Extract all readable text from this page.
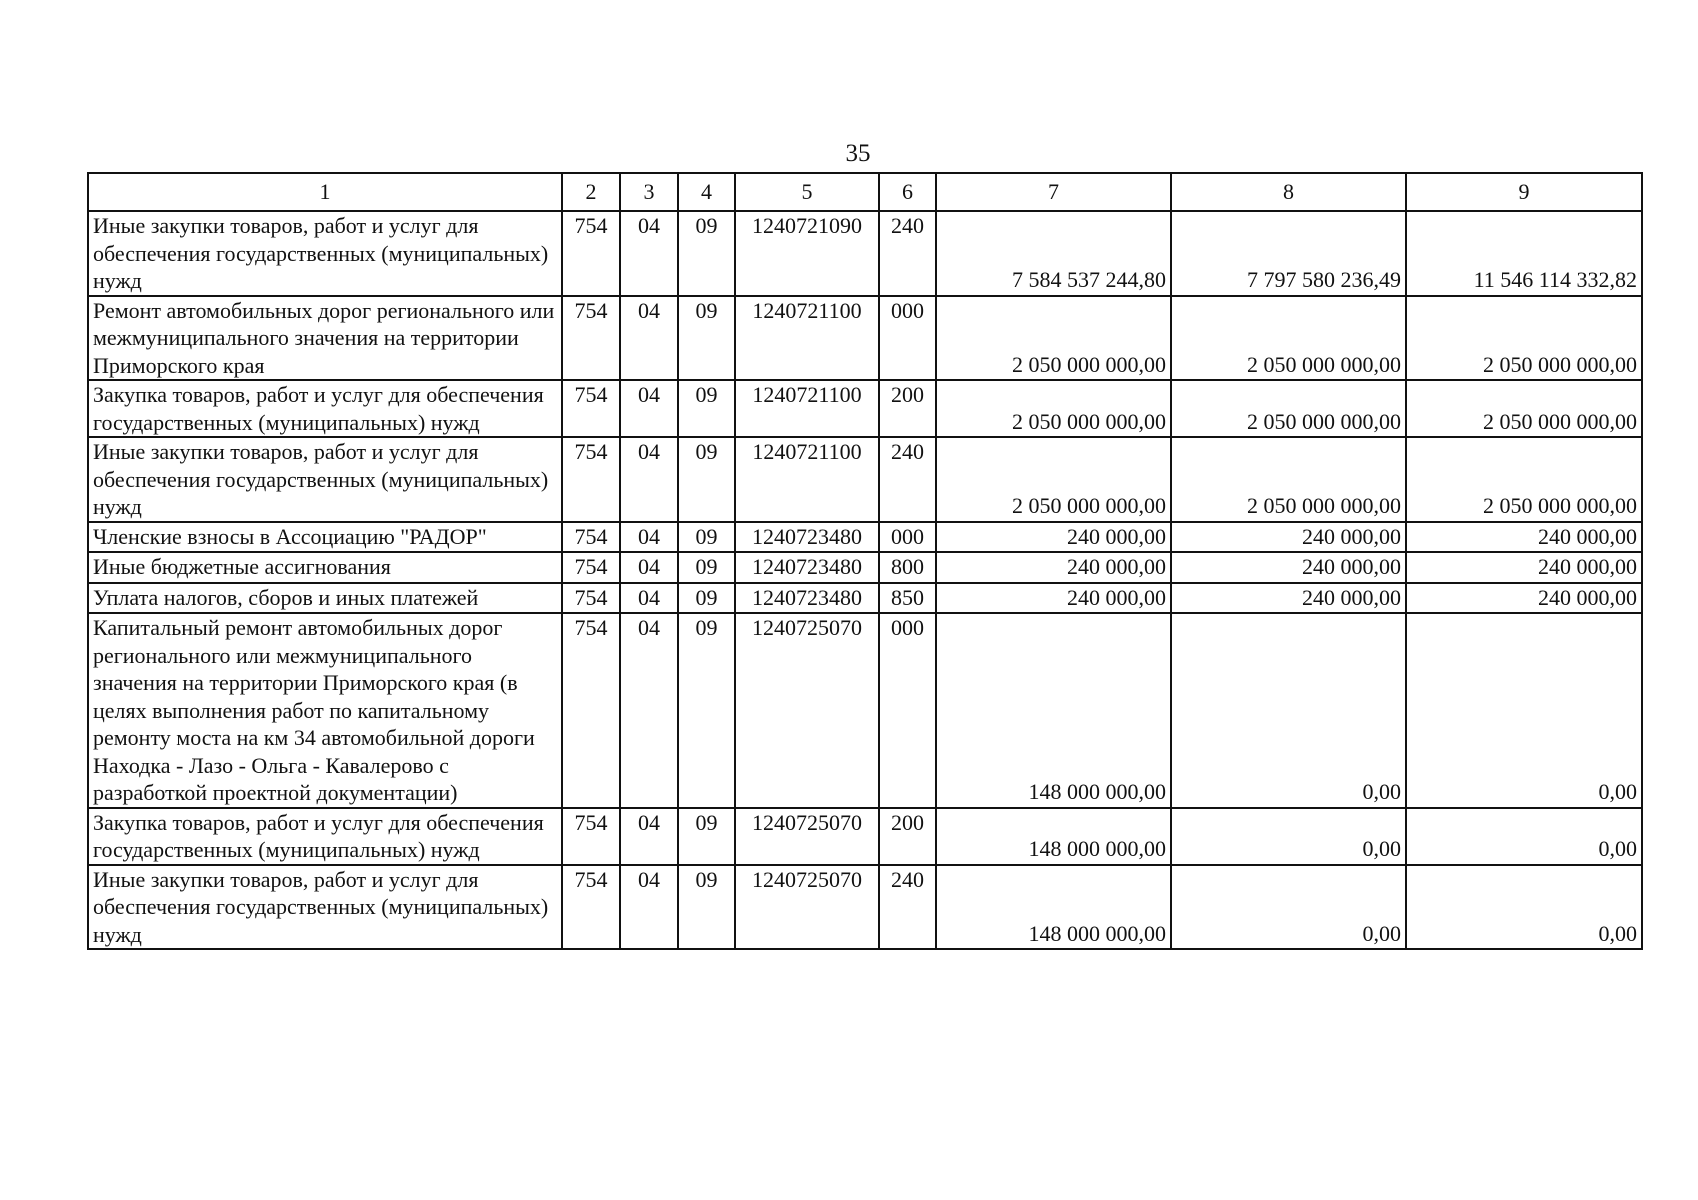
35
1	2	3	4	5	6	7	8	9
Иные закупки товаров, работ и услуг для обеспечения государственных (муниципальных) нужд	754	04	09	1240721090	240	7 584 537 244,80	7 797 580 236,49	11 546 114 332,82
Ремонт автомобильных дорог регионального или межмуниципального значения на территории Приморского края	754	04	09	1240721100	000	2 050 000 000,00	2 050 000 000,00	2 050 000 000,00
Закупка товаров, работ и услуг для обеспечения государственных (муниципальных) нужд	754	04	09	1240721100	200	2 050 000 000,00	2 050 000 000,00	2 050 000 000,00
Иные закупки товаров, работ и услуг для обеспечения государственных (муниципальных) нужд	754	04	09	1240721100	240	2 050 000 000,00	2 050 000 000,00	2 050 000 000,00
Членские взносы в Ассоциацию "РАДОР"	754	04	09	1240723480	000	240 000,00	240 000,00	240 000,00
Иные бюджетные ассигнования	754	04	09	1240723480	800	240 000,00	240 000,00	240 000,00
Уплата налогов, сборов и иных платежей	754	04	09	1240723480	850	240 000,00	240 000,00	240 000,00
Капитальный ремонт автомобильных дорог регионального или межмуниципального значения на территории Приморского края (в целях выполнения работ по капитальному ремонту моста на км 34 автомобильной дороги Находка - Лазо - Ольга - Кавалерово с разработкой проектной документации)	754	04	09	1240725070	000	148 000 000,00	0,00	0,00
Закупка товаров, работ и услуг для обеспечения государственных (муниципальных) нужд	754	04	09	1240725070	200	148 000 000,00	0,00	0,00
Иные закупки товаров, работ и услуг для обеспечения государственных (муниципальных) нужд	754	04	09	1240725070	240	148 000 000,00	0,00	0,00
